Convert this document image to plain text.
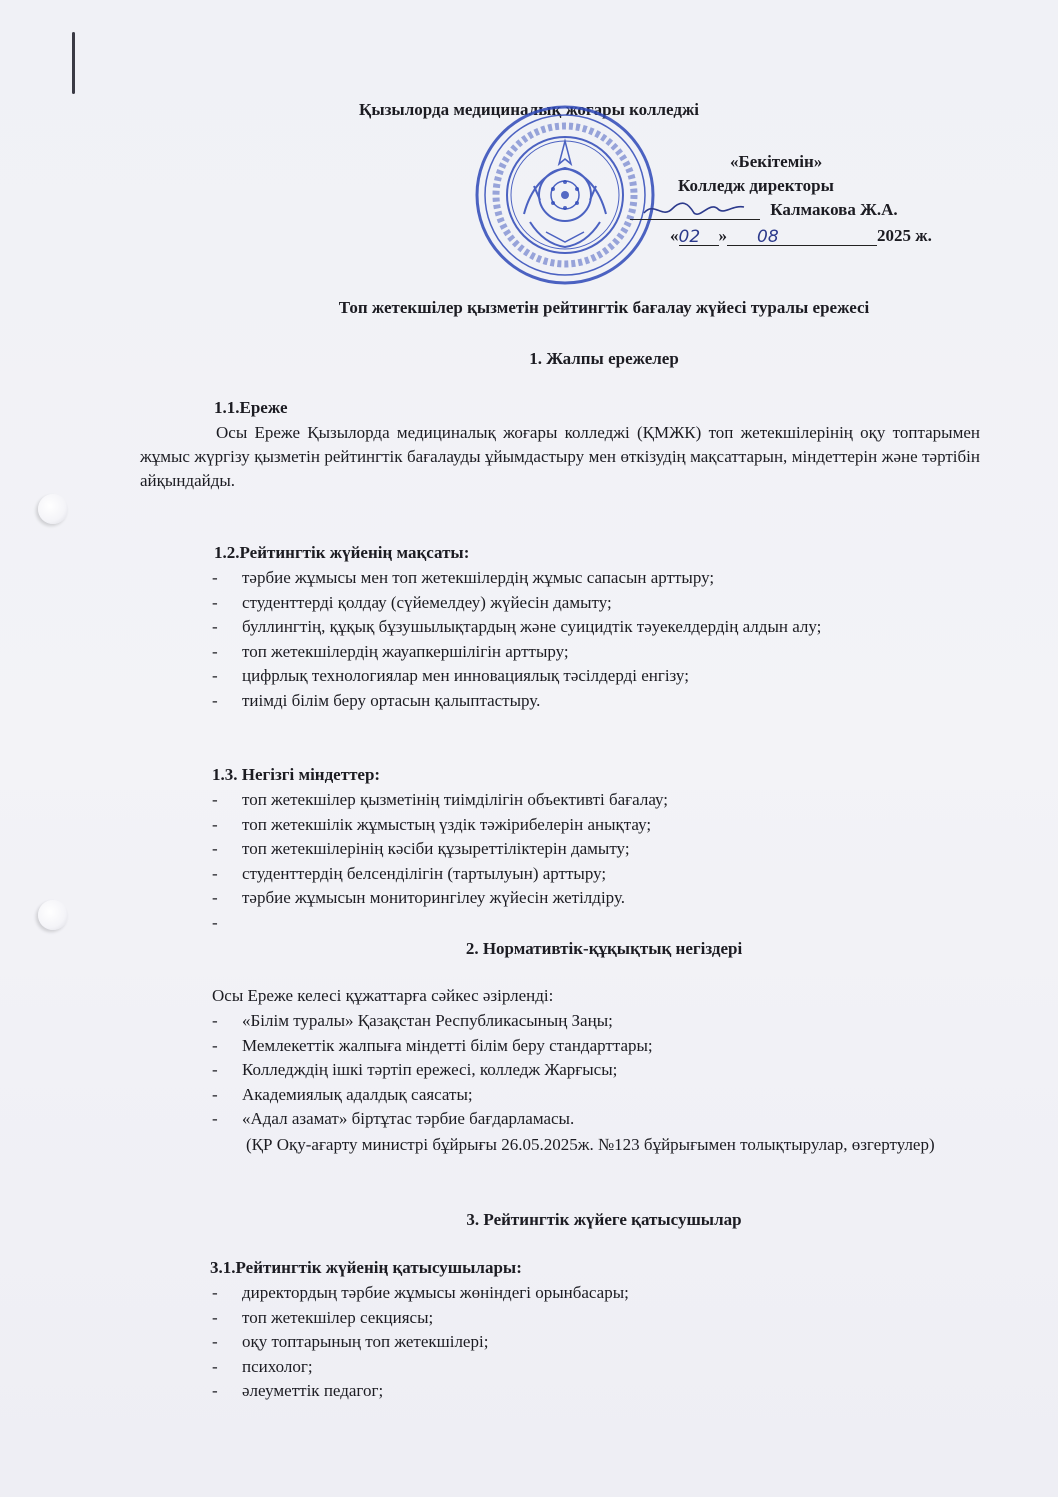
Қызылорда медициналық жоғары колледжі
«Бекітемін»
Колледж директоры
Калмакова Ж.А.
«02 » 08	2025 ж.
Топ жетекшілер қызметін рейтингтік бағалау жүйесі туралы ережесі
1. Жалпы ережелер
1.1.Ереже
Осы Ереже Қызылорда медициналық жоғары колледжі (ҚМЖК) топ жетекшілерінің оқу топтарымен жұмыс жүргізу қызметін рейтингтік бағалауды ұйымдастыру мен өткізудің мақсаттарын, міндеттерін және тәртібін айқындайды.
1.2.Рейтингтік жүйенің мақсаты:
- тәрбие жұмысы мен топ жетекшілердің жұмыс сапасын арттыру;
- студенттерді қолдау (сүйемелдеу) жүйесін дамыту;
- буллингтің, құқық бұзушылықтардың және суицидтік тәуекелдердің алдын алу;
- топ жетекшілердің жауапкершілігін арттыру;
- цифрлық технологиялар мен инновациялық тәсілдерді енгізу;
- тиімді білім беру ортасын қалыптастыру.
1.3. Негізгі міндеттер:
- топ жетекшілер қызметінің тиімділігін объективті бағалау;
- топ жетекшілік жұмыстың үздік тәжірибелерін анықтау;
- топ жетекшілерінің кәсіби құзыреттіліктерін дамыту;
- студенттердің белсенділігін (тартылуын) арттыру;
- тәрбие жұмысын мониторингілеу жүйесін жетілдіру.
-
2. Нормативтік-құқықтық негіздері
Осы Ереже келесі құжаттарға сәйкес әзірленді:
- «Білім туралы» Қазақстан Республикасының Заңы;
- Мемлекеттік жалпыға міндетті білім беру стандарттары;
- Колледждің ішкі тәртіп ережесі, колледж Жарғысы;
- Академиялық адалдық саясаты;
- «Адал азамат» біртұтас тәрбие бағдарламасы.
(ҚР Оқу-ағарту министрі бұйрығы 26.05.2025ж. №123 бұйрығымен толықтырулар, өзгертулер)
3. Рейтингтік жүйеге қатысушылар
3.1.Рейтингтік жүйенің қатысушылары:
- директордың тәрбие жұмысы жөніндегі орынбасары;
- топ жетекшілер секциясы;
- оқу топтарының топ жетекшілері;
- психолог;
- әлеуметтік педагог;
